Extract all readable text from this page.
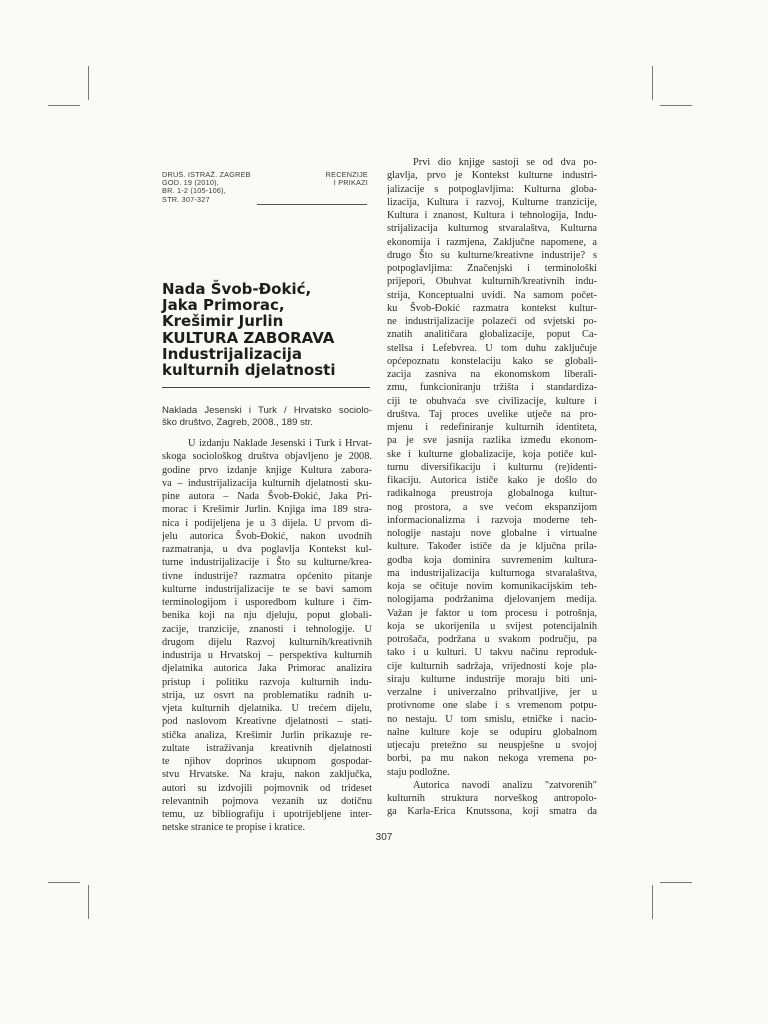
DRUŠ. ISTRAŽ. ZAGREB
GOD. 19 (2010),
BR. 1-2 (105-106),
STR. 307-327
RECENZIJE
I PRIKAZI
Nada Švob-Đokić,
Jaka Primorac,
Krešimir Jurlin
KULTURA ZABORAVA
Industrijalizacija
kulturnih djelatnosti

Naklada Jesenski i Turk / Hrvatsko sociolo-
ško društvo, Zagreb, 2008., 189 str.

U izdanju Naklade Jesenski i Turk i Hrvat-
skoga sociološkog društva objavljeno je 2008.
godine prvo izdanje knjige Kultura zabora-
va – industrijalizacija kulturnih djelatnosti sku-
pine autora – Nada Švob-Đokić, Jaka Pri-
morac i Krešimir Jurlin. Knjiga ima 189 stra-
nica i podijeljena je u 3 dijela. U prvom di-
jelu autorica Švob-Đokić, nakon uvodnih
razmatranja, u dva poglavlja Kontekst kul-
turne industrijalizacije i Što su kulturne/krea-
tivne industrije? razmatra općenito pitanje
kulturne industrijalizacije te se bavi samom
terminologijom i usporedbom kulture i čim-
benika koji na nju djeluju, poput globali-
zacije, tranzicije, znanosti i tehnologije. U
drugom dijelu Razvoj kulturnih/kreativnih
industrija u Hrvatskoj – perspektiva kulturnih
djelatnika autorica Jaka Primorac analizira
pristup i politiku razvoja kulturnih indu-
strija, uz osvrt na problematiku radnih u-
vjeta kulturnih djelatnika. U trećem dijelu,
pod naslovom Kreativne djelatnosti – stati-
stička analiza, Krešimir Jurlin prikazuje re-
zultate istraživanja kreativnih djelatnosti
te njihov doprinos ukupnom gospodar-
stvu Hrvatske. Na kraju, nakon zaključka,
autori su izdvojili pojmovnik od trideset
relevantnih pojmova vezanih uz dotičnu
temu, uz bibliografiju i upotrijebljene inter-
netske stranice te propise i kratice.

Prvi dio knjige sastoji se od dva po-
glavlja, prvo je Kontekst kulturne industri-
jalizacije s potpoglavljima: Kulturna globa-
lizacija, Kultura i razvoj, Kulturne tranzicije,
Kultura i znanost, Kultura i tehnologija, Indu-
strijalizacija kulturnog stvaralaštva, Kulturna
ekonomija i razmjena, Zaključne napomene, a
drugo Što su kulturne/kreativne industrije? s
potpoglavljima: Značenjski i terminološki
prijepori, Obuhvat kulturnih/kreativnih indu-
strija, Konceptualni uvidi. Na samom počet-
ku Švob-Đokić razmatra kontekst kultur-
ne industrijalizacije polazeći od svjetski po-
znatih analitičara globalizacije, poput Ca-
stellsa i Lefebvrea. U tom duhu zaključuje
općepoznatu konstelaciju kako se globali-
zacija zasniva na ekonomskom liberali-
zmu, funkcioniranju tržišta i standardiza-
ciji te obuhvaća sve civilizacije, kulture i
društva. Taj proces uvelike utječe na pro-
mjenu i redefiniranje kulturnih identiteta,
pa je sve jasnija razlika između ekonom-
ske i kulturne globalizacije, koja potiče kul-
turnu diversifikaciju i kulturnu (re)identi-
fikaciju. Autorica ističe kako je došlo do
radikalnoga preustroja globalnoga kultur-
nog prostora, a sve većom ekspanzijom
informacionalizma i razvoja moderne teh-
nologije nastaju nove globalne i virtualne
kulture. Također ističe da je ključna prila-
godba koja dominira suvremenim kultura-
ma industrijalizacija kulturnoga stvaralaštva,
koja se očituje novim komunikacijskim teh-
nologijama podržanima djelovanjem medija.
Važan je faktor u tom procesu i potrošnja,
koja se ukorijenila u svijest potencijalnih
potrošača, podržana u svakom području, pa
tako i u kulturi. U takvu načinu reproduk-
cije kulturnih sadržaja, vrijednosti koje pla-
siraju kulturne industrije moraju biti uni-
verzalne i univerzalno prihvatljive, jer u
protivnome one slabe i s vremenom potpu-
no nestaju. U tom smislu, etničke i nacio-
nalne kulture koje se odupiru globalnom
utjecaju pretežno su neuspješne u svojoj
borbi, pa mu nakon nekoga vremena po-
staju podložne.

Autorica navodi analizu "zatvorenih"
kulturnih struktura norveškog antropolo-
ga Karla-Erica Knutssona, koji smatra da

307
